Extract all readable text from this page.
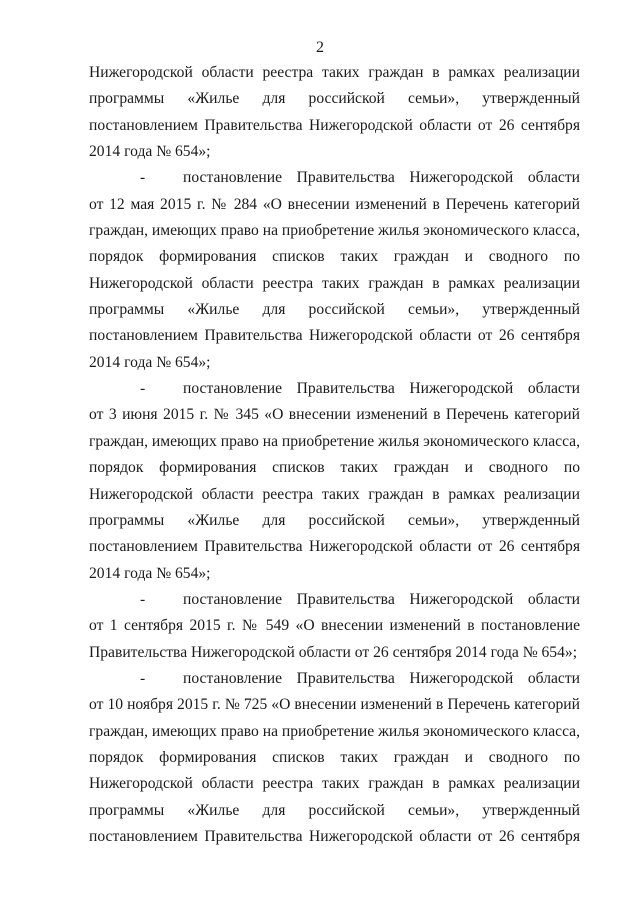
2
Нижегородской области реестра таких граждан в рамках реализации
программы «Жилье для российской семьи», утвержденный
постановлением Правительства Нижегородской области от 26 сентября
2014 года № 654»;
- постановление Правительства Нижегородской области
от 12 мая 2015 г. № 284 «О внесении изменений в Перечень категорий
граждан, имеющих право на приобретение жилья экономического класса,
порядок формирования списков таких граждан и сводного по
Нижегородской области реестра таких граждан в рамках реализации
программы «Жилье для российской семьи», утвержденный
постановлением Правительства Нижегородской области от 26 сентября
2014 года № 654»;
- постановление Правительства Нижегородской области
от 3 июня 2015 г. № 345 «О внесении изменений в Перечень категорий
граждан, имеющих право на приобретение жилья экономического класса,
порядок формирования списков таких граждан и сводного по
Нижегородской области реестра таких граждан в рамках реализации
программы «Жилье для российской семьи», утвержденный
постановлением Правительства Нижегородской области от 26 сентября
2014 года № 654»;
- постановление Правительства Нижегородской области
от 1 сентября 2015 г. № 549 «О внесении изменений в постановление
Правительства Нижегородской области от 26 сентября 2014 года № 654»;
- постановление Правительства Нижегородской области
от 10 ноября 2015 г. № 725 «О внесении изменений в Перечень категорий
граждан, имеющих право на приобретение жилья экономического класса,
порядок формирования списков таких граждан и сводного по
Нижегородской области реестра таких граждан в рамках реализации
программы «Жилье для российской семьи», утвержденный
постановлением Правительства Нижегородской области от 26 сентября
